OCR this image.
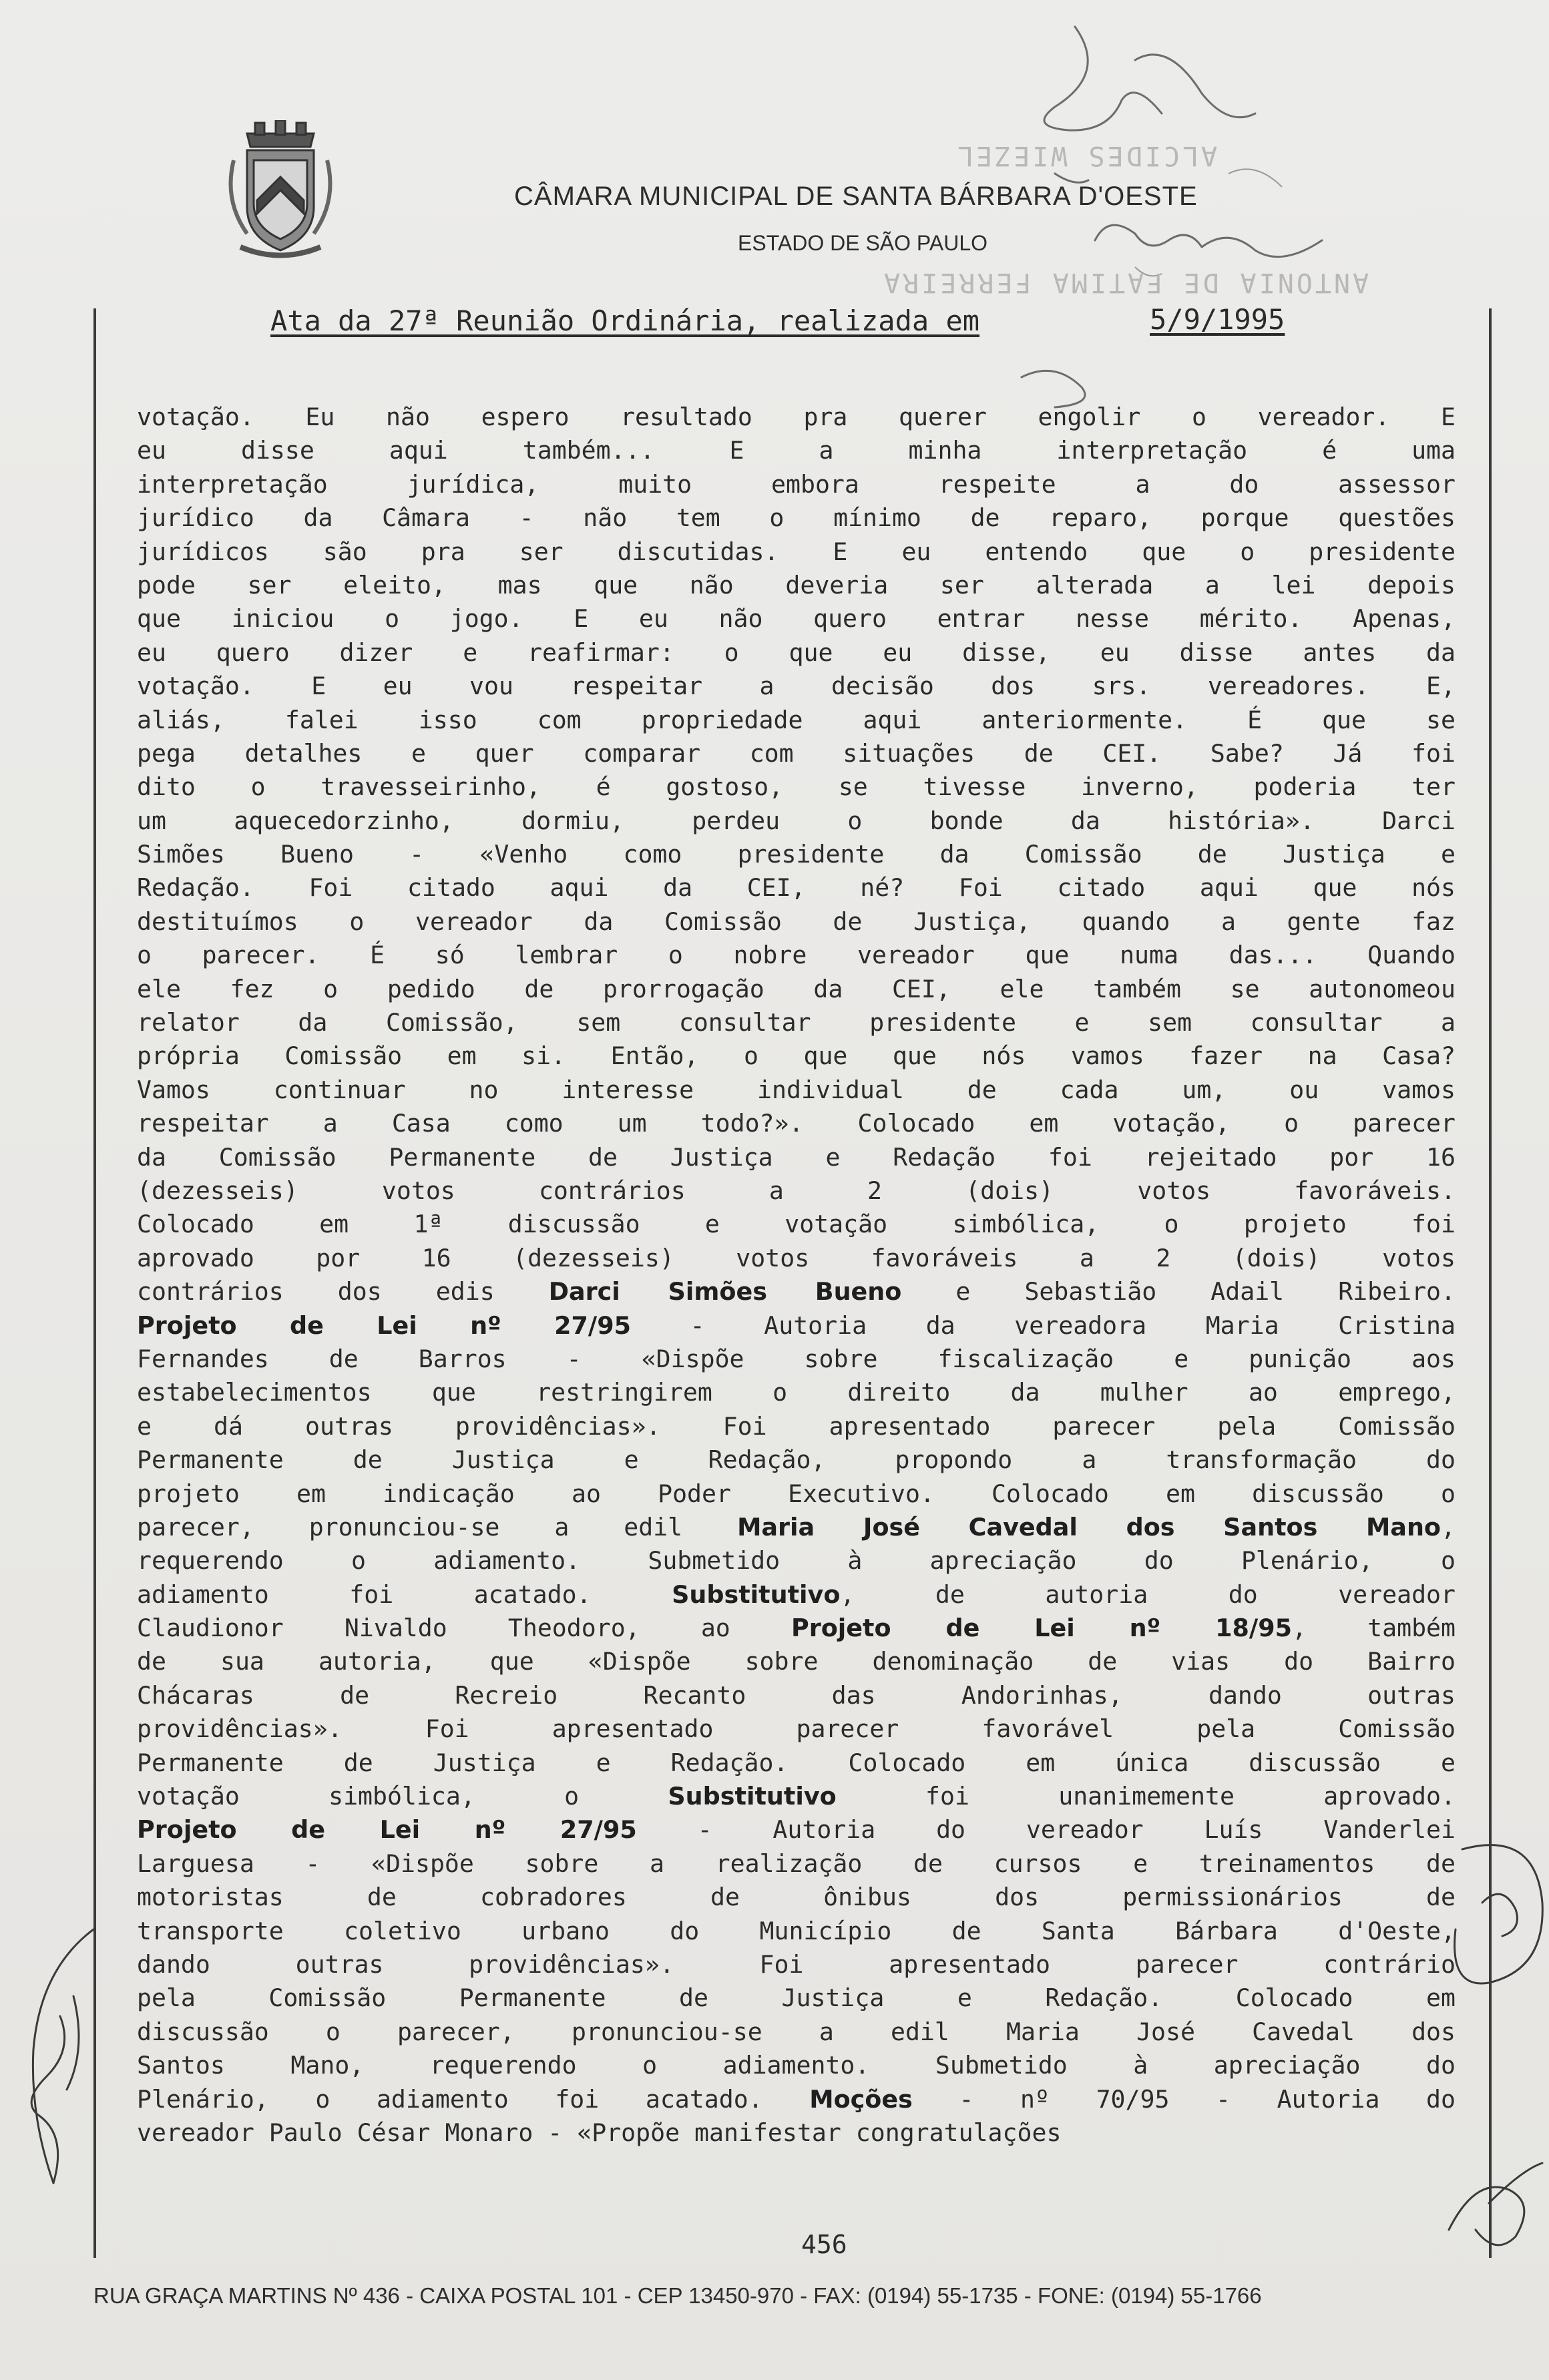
CÂMARA MUNICIPAL DE SANTA BÁRBARA D'OESTE
ESTADO DE SÃO PAULO
Ata da 27ª Reunião Ordinária, realizada em	5/9/1995
ALCIDES WIEZEL
ANTONIA DE FATIMA FERREIRA
votação. Eu não espero resultado pra querer engolir o vereador. E
eu disse aqui também... E a minha interpretação é uma
interpretação jurídica, muito embora respeite a do assessor
jurídico da Câmara - não tem o mínimo de reparo, porque questões
jurídicos são pra ser discutidas. E eu entendo que o presidente
pode ser eleito, mas que não deveria ser alterada a lei depois
que iniciou o jogo. E eu não quero entrar nesse mérito. Apenas,
eu quero dizer e reafirmar: o que eu disse, eu disse antes da
votação. E eu vou respeitar a decisão dos srs. vereadores. E,
aliás, falei isso com propriedade aqui anteriormente. É que se
pega detalhes e quer comparar com situações de CEI. Sabe? Já foi
dito o travesseirinho, é gostoso, se tivesse inverno, poderia ter
um aquecedorzinho, dormiu, perdeu o bonde da história». Darci
Simões Bueno - «Venho como presidente da Comissão de Justiça e
Redação. Foi citado aqui da CEI, né? Foi citado aqui que nós
destituímos o vereador da Comissão de Justiça, quando a gente faz
o parecer. É só lembrar o nobre vereador que numa das... Quando
ele fez o pedido de prorrogação da CEI, ele também se autonomeou
relator da Comissão, sem consultar presidente e sem consultar a
própria Comissão em si. Então, o que que nós vamos fazer na Casa?
Vamos continuar no interesse individual de cada um, ou vamos
respeitar a Casa como um todo?». Colocado em votação, o parecer
da Comissão Permanente de Justiça e Redação foi rejeitado por 16
(dezesseis) votos contrários a 2 (dois) votos favoráveis.
Colocado em 1ª discussão e votação simbólica, o projeto foi
aprovado por 16 (dezesseis) votos favoráveis a 2 (dois) votos
contrários dos edis Darci Simões Bueno e Sebastião Adail Ribeiro.
Projeto de Lei nº 27/95 - Autoria da vereadora Maria Cristina
Fernandes de Barros - «Dispõe sobre fiscalização e punição aos
estabelecimentos que restringirem o direito da mulher ao emprego,
e dá outras providências». Foi apresentado parecer pela Comissão
Permanente de Justiça e Redação, propondo a transformação do
projeto em indicação ao Poder Executivo. Colocado em discussão o
parecer, pronunciou-se a edil Maria José Cavedal dos Santos Mano,
requerendo o adiamento. Submetido à apreciação do Plenário, o
adiamento foi acatado. Substitutivo, de autoria do vereador
Claudionor Nivaldo Theodoro, ao Projeto de Lei nº 18/95, também
de sua autoria, que «Dispõe sobre denominação de vias do Bairro
Chácaras de Recreio Recanto das Andorinhas, dando outras
providências». Foi apresentado parecer favorável pela Comissão
Permanente de Justiça e Redação. Colocado em única discussão e
votação simbólica, o Substitutivo foi unanimemente aprovado.
Projeto de Lei nº 27/95 - Autoria do vereador Luís Vanderlei
Larguesa - «Dispõe sobre a realização de cursos e treinamentos de
motoristas de cobradores de ônibus dos permissionários de
transporte coletivo urbano do Município de Santa Bárbara d'Oeste,
dando outras providências». Foi apresentado parecer contrário
pela Comissão Permanente de Justiça e Redação. Colocado em
discussão o parecer, pronunciou-se a edil Maria José Cavedal dos
Santos Mano, requerendo o adiamento. Submetido à apreciação do
Plenário, o adiamento foi acatado. Moções - nº 70/95 - Autoria do
vereador Paulo César Monaro - «Propõe manifestar congratulações
456
RUA GRAÇA MARTINS Nº 436 - CAIXA POSTAL 101 - CEP 13450-970 - FAX: (0194) 55-1735 - FONE: (0194) 55-1766
